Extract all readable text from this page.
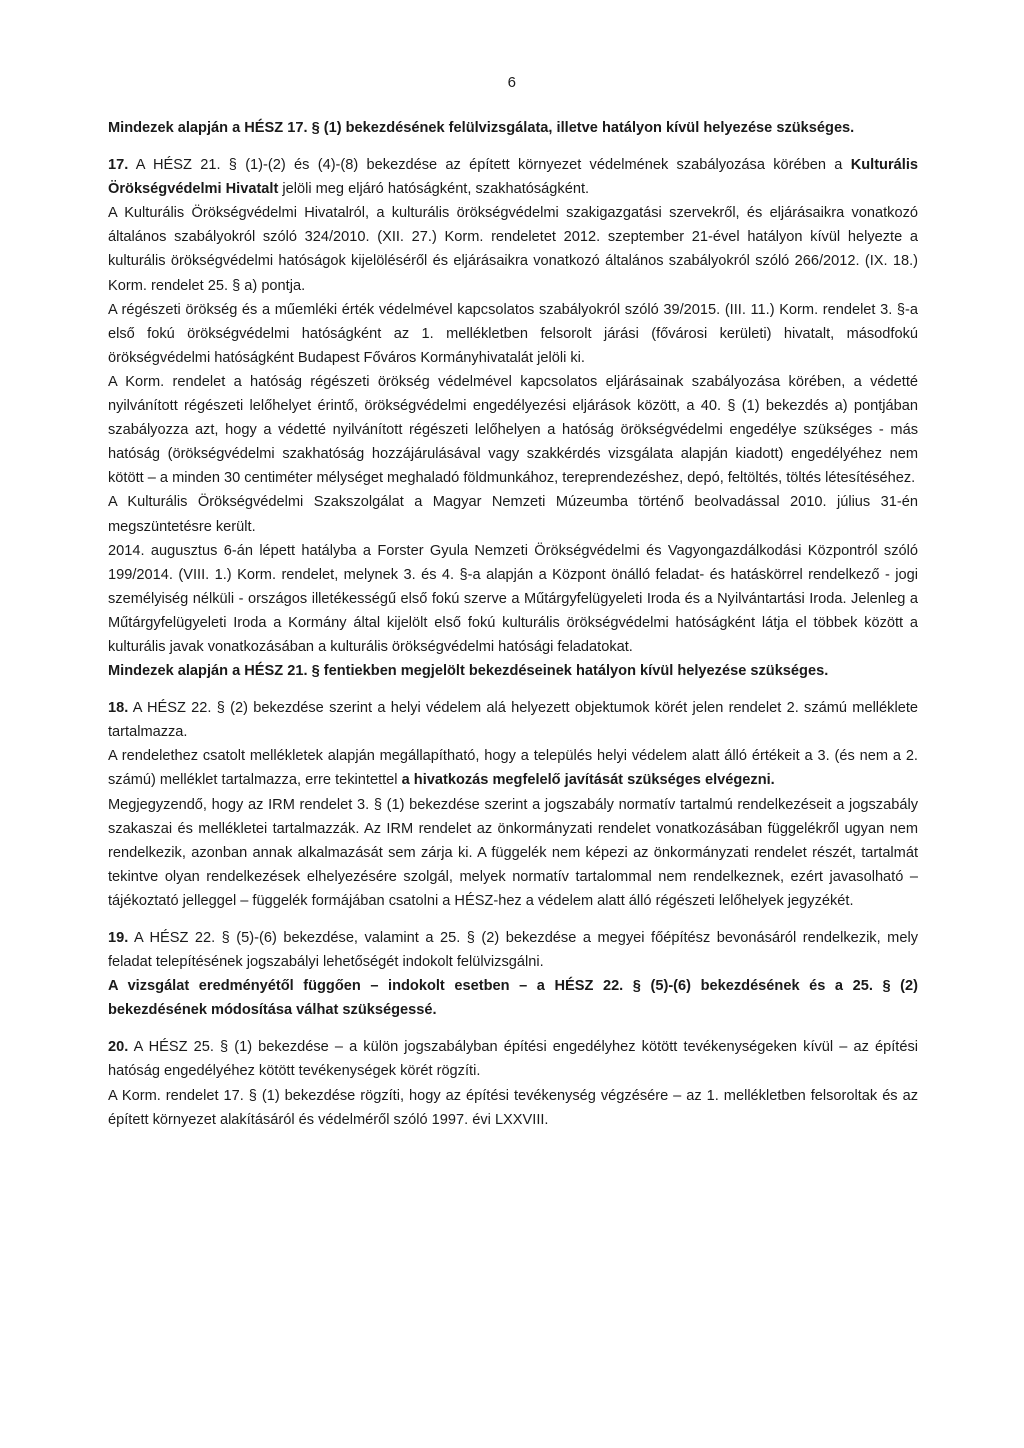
6

Mindezek alapján a HÉSZ 17. § (1) bekezdésének felülvizsgálata, illetve hatályon kívül helyezése szükséges.

17. A HÉSZ 21. § (1)-(2) és (4)-(8) bekezdése az épített környezet védelmének szabályozása körében a Kulturális Örökségvédelmi Hivatalt jelöli meg eljáró hatóságként, szakhatóságként.

A Kulturális Örökségvédelmi Hivatalról, a kulturális örökségvédelmi szakigazgatási szervekről, és eljárásaikra vonatkozó általános szabályokról szóló 324/2010. (XII. 27.) Korm. rendeletet 2012. szeptember 21-ével hatályon kívül helyezte a kulturális örökségvédelmi hatóságok kijelöléséről és eljárásaikra vonatkozó általános szabályokról szóló 266/2012. (IX. 18.) Korm. rendelet 25. § a) pontja.

A régészeti örökség és a műemléki érték védelmével kapcsolatos szabályokról szóló 39/2015. (III. 11.) Korm. rendelet 3. §-a első fokú örökségvédelmi hatóságként az 1. mellékletben felsorolt járási (fővárosi kerületi) hivatalt, másodfokú örökségvédelmi hatóságként Budapest Főváros Kormányhivatalát jelöli ki.

A Korm. rendelet a hatóság régészeti örökség védelmével kapcsolatos eljárásainak szabályozása körében, a védetté nyilvánított régészeti lelőhelyet érintő, örökségvédelmi engedélyezési eljárások között, a 40. § (1) bekezdés a) pontjában szabályozza azt, hogy a védetté nyilvánított régészeti lelőhelyen a hatóság örökségvédelmi engedélye szükséges - más hatóság (örökségvédelmi szakhatóság hozzájárulásával vagy szakkérdés vizsgálata alapján kiadott) engedélyéhez nem kötött – a minden 30 centiméter mélységet meghaladó földmunkához, tereprendezéshez, depó, feltöltés, töltés létesítéséhez.

A Kulturális Örökségvédelmi Szakszolgálat a Magyar Nemzeti Múzeumba történő beolvadással 2010. július 31-én megszüntetésre került.

2014. augusztus 6-án lépett hatályba a Forster Gyula Nemzeti Örökségvédelmi és Vagyongazdálkodási Központról szóló 199/2014. (VIII. 1.) Korm. rendelet, melynek 3. és 4. §-a alapján a Központ önálló feladat- és hatáskörrel rendelkező - jogi személyiség nélküli - országos illetékességű első fokú szerve a Műtárgyfelügyeleti Iroda és a Nyilvántartási Iroda. Jelenleg a Műtárgyfelügyeleti Iroda a Kormány által kijelölt első fokú kulturális örökségvédelmi hatóságként látja el többek között a kulturális javak vonatkozásában a kulturális örökségvédelmi hatósági feladatokat.

Mindezek alapján a HÉSZ 21. § fentiekben megjelölt bekezdéseinek hatályon kívül helyezése szükséges.

18. A HÉSZ 22. § (2) bekezdése szerint a helyi védelem alá helyezett objektumok körét jelen rendelet 2. számú melléklete tartalmazza.

A rendelethez csatolt mellékletek alapján megállapítható, hogy a település helyi védelem alatt álló értékeit a 3. (és nem a 2. számú) melléklet tartalmazza, erre tekintettel a hivatkozás megfelelő javítását szükséges elvégezni.

Megjegyzendő, hogy az IRM rendelet 3. § (1) bekezdése szerint a jogszabály normatív tartalmú rendelkezéseit a jogszabály szakaszai és mellékletei tartalmazzák. Az IRM rendelet az önkormányzati rendelet vonatkozásában függelékről ugyan nem rendelkezik, azonban annak alkalmazását sem zárja ki. A függelék nem képezi az önkormányzati rendelet részét, tartalmát tekintve olyan rendelkezések elhelyezésére szolgál, melyek normatív tartalommal nem rendelkeznek, ezért javasolható – tájékoztató jelleggel – függelék formájában csatolni a HÉSZ-hez a védelem alatt álló régészeti lelőhelyek jegyzékét.

19. A HÉSZ 22. § (5)-(6) bekezdése, valamint a 25. § (2) bekezdése a megyei főépítész bevonásáról rendelkezik, mely feladat telepítésének jogszabályi lehetőségét indokolt felülvizsgálni.

A vizsgálat eredményétől függően – indokolt esetben – a HÉSZ 22. § (5)-(6) bekezdésének és a 25. § (2) bekezdésének módosítása válhat szükségessé.

20. A HÉSZ 25. § (1) bekezdése – a külön jogszabályban építési engedélyhez kötött tevékenységeken kívül – az építési hatóság engedélyéhez kötött tevékenységek körét rögzíti.

A Korm. rendelet 17. § (1) bekezdése rögzíti, hogy az építési tevékenység végzésére – az 1. mellékletben felsoroltak és az épített környezet alakításáról és védelméről szóló 1997. évi LXXVIII.
